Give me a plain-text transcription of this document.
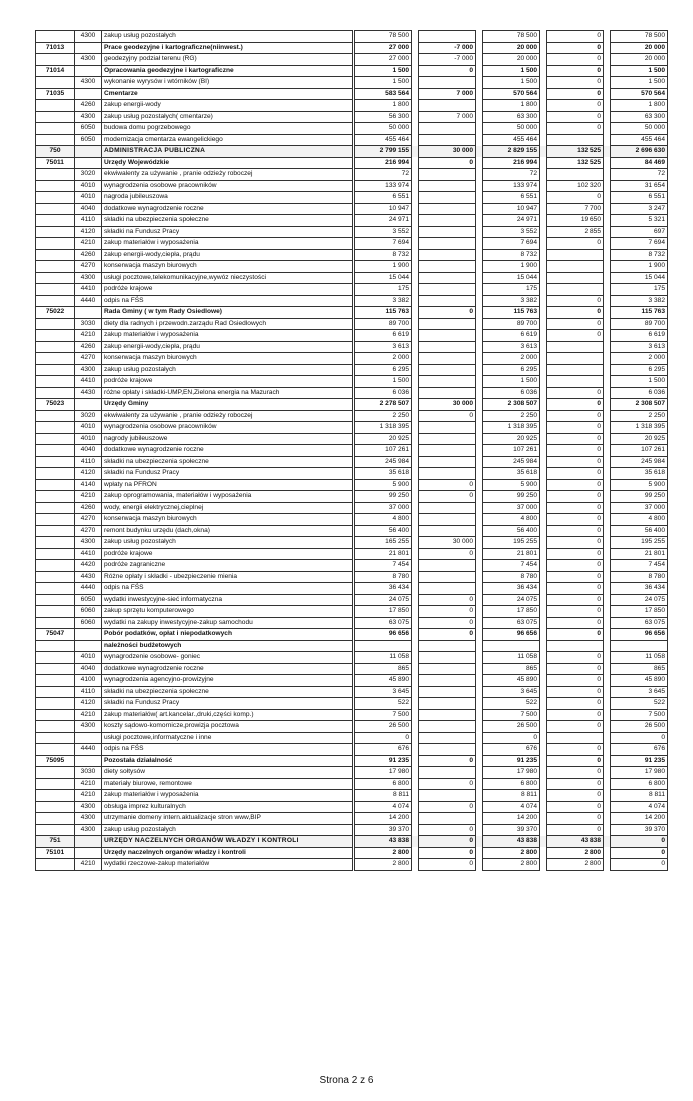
	4300	zakup usług pozostałych	78 500				78 500		0		78 500
71013		Prace geodezyjne i kartograficzne(niinwest.)	27 000		-7 000		20 000		0		20 000
	4300	geodezyjny podział terenu (RG)	27 000		-7 000		20 000		0		20 000
71014		Opracowania geodezyjne i kartograficzne	1 500		0		1 500		0		1 500
	4300	wykonanie wyrysów i wtórników (BI)	1 500				1 500		0		1 500
71035		Cmentarze	583 564		7 000		570 564		0		570 564
	4260	zakup energii-wody	1 800				1 800		0		1 800
	4300	zakup usług pozostałych( cmentarze)	56 300		7 000		63 300		0		63 300
	6050	budowa domu pogrzebowego	50 000				50 000		0		50 000
	6050	modernizacja cmentarza ewangelickiego	455 464				455 464				455 464
750		ADMINISTRACJA PUBLICZNA	2 799 155		30 000		2 829 155		132 525		2 696 630
75011		Urzędy Wojewódzkie	216 994		0		216 994		132 525		84 469
	3020	ekwiwalenty za używanie , pranie odzieży roboczej	72				72				72
	4010	wynagrodzenia osobowe pracowników	133 974				133 974		102 320		31 654
	4010	nagroda jubileuszowa	6 551				6 551		0		6 551
	4040	dodatkowe wynagrodzenie roczne	10 947				10 947		7 700		3 247
	4110	składki na ubezpieczenia społeczne	24 971				24 971		19 650		5 321
	4120	składki na Fundusz Pracy	3 552				3 552		2 855		697
	4210	zakup materiałów i wyposażenia	7 694				7 694		0		7 694
	4260	zakup energii-wody,ciepła, prądu	8 732				8 732				8 732
	4270	konserwacja maszyn biurowych	1 900				1 900				1 900
	4300	usługi pocztowe,telekomunikacyjne,wywóz nieczystości	15 044				15 044				15 044
	4410	podróże krajowe	175				175				175
	4440	odpis na FŚS	3 382				3 382		0		3 382
75022		Rada Gminy ( w tym Rady Osiedlowe)	115 763		0		115 763		0		115 763
	3030	diety dla radnych i przewodn.zarządu Rad Osiedlowych	89 700				89 700		0		89 700
	4210	zakup materiałów i wyposażenia	6 619				6 619		0		6 619
	4260	zakup energii-wody,ciepła, prądu	3 613				3 613				3 613
	4270	konserwacja maszyn biurowych	2 000				2 000				2 000
	4300	zakup usług pozostałych	6 295				6 295				6 295
	4410	podróże krajowe	1 500				1 500				1 500
	4430	różne opłaty i składki-UMP,EN,Zielona energia na Mazurach	6 036				6 036		0		6 036
75023		Urzędy Gminy	2 278 507		30 000		2 308 507		0		2 308 507
	3020	ekwiwalenty za używanie , pranie odzieży roboczej	2 250		0		2 250		0		2 250
	4010	wynagrodzenia osobowe pracowników	1 318 395				1 318 395		0		1 318 395
	4010	nagrody jubileuszowe	20 925				20 925		0		20 925
	4040	dodatkowe wynagrodzenie roczne	107 261				107 261		0		107 261
	4110	składki na ubezpieczenia społeczne	245 984				245 984		0		245 984
	4120	składki na Fundusz Pracy	35 618				35 618		0		35 618
	4140	wpłaty na PFRON	5 900		0		5 900		0		5 900
	4210	zakup oprogramowania, materiałów i wyposażenia	99 250		0		99 250		0		99 250
	4260	wody, energii elektrycznej,cieplnej	37 000				37 000		0		37 000
	4270	konserwacja maszyn biurowych	4 800				4 800		0		4 800
	4270	remont budynku urzędu (dach,okna)	56 400				56 400		0		56 400
	4300	zakup usług pozostałych	165 255		30 000		195 255		0		195 255
	4410	podróże krajowe	21 801		0		21 801		0		21 801
	4420	podróże zagraniczne	7 454				7 454		0		7 454
	4430	Różne opłaty i składki - ubezpieczenie mienia	8 780				8 780		0		8 780
	4440	odpis na FŚS	36 434				36 434		0		36 434
	6050	wydatki inwestycyjne-sieć informatyczna	24 075		0		24 075		0		24 075
	6060	zakup sprzętu komputerowego	17 850		0		17 850		0		17 850
	6060	wydatki na zakupy inwestycyjne-zakup samochodu	63 075		0		63 075		0		63 075
75047		Pobór podatków, opłat i niepodatkowych	96 656		0		96 656		0		96 656
		należności budżetowych									
	4010	wynagrodzenie osobowe- goniec	11 058				11 058		0		11 058
	4040	dodatkowe wynagrodzenie roczne	865				865		0		865
	4100	wynagrodzenia agencyjno-prowizyjne	45 890				45 890		0		45 890
	4110	składki na ubezpieczenia społeczne	3 645				3 645		0		3 645
	4120	składki na Fundusz Pracy	522				522		0		522
	4210	zakup materiałów( art.kancelar.,druki,części komp.)	7 500				7 500		0		7 500
	4300	koszty sądowo-komornicze,prowizja pocztowa	26 500				26 500		0		26 500
		usługi pocztowe,informatyczne i inne	0				0				0
	4440	odpis na FŚS	676				676		0		676
75095		Pozostała działalność	91 235		0		91 235		0		91 235
	3030	diety sołtysów	17 980				17 980		0		17 980
	4210	materiały biurowe, remontowe	6 800		0		6 800		0		6 800
	4210	zakup materiałów i wyposażenia	8 811				8 811		0		8 811
	4300	obsługa imprez kulturalnych	4 074		0		4 074		0		4 074
	4300	utrzymanie domeny intern.aktualizacje stron www,BIP	14 200				14 200		0		14 200
	4300	zakup usług pozostałych	39 370		0		39 370		0		39 370
751		URZĘDY NACZELNYCH ORGANÓW WŁADZY I KONTROLI	43 838		0		43 838		43 838		0
75101		Urzędy naczelnych organów władzy i kontroli	2 800		0		2 800		2 800		0
	4210	wydatki rzeczowe-zakup materiałów	2 800		0		2 800		2 800		0
Strona 2 z 6
